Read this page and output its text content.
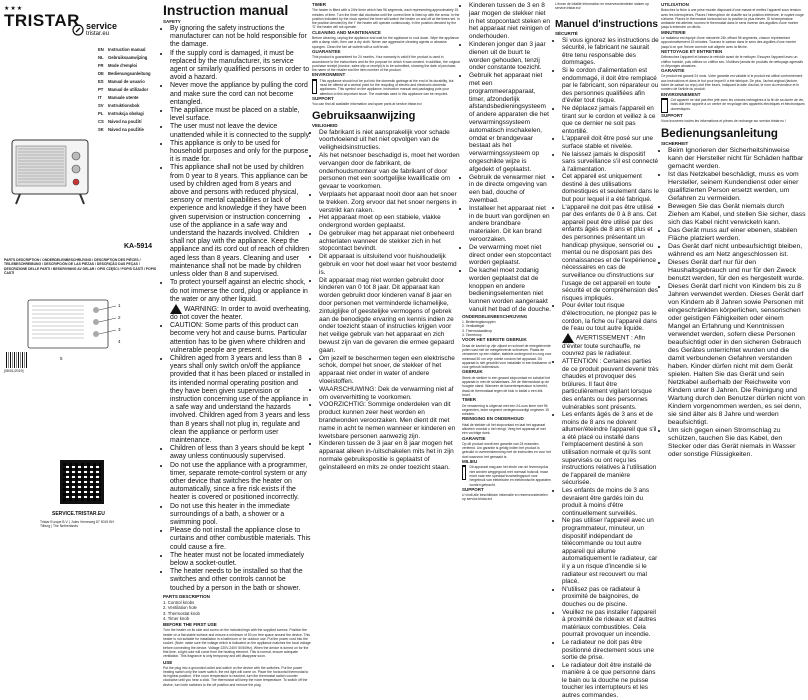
★★★
TRISTAR service
tristar.eu
EN Instruction manual
NL Gebruiksaanwijzing
FR Mode d'emploi
DE Bedienungsanleitung
ES Manual de usuario
PT Manual de utilizador
IT Manuale utente
SV Instruktionsbok
PL Instrukcja obsługi
CS Návod na použití
SK Návod na použitie
KA-5914
PARTS DESCRIPTION / ONDERDELENBESCHRIJVING / DESCRIPTION DES PIÈCES / TEILEBESCHREIBUNG / DESCRIPCIÓN DE LAS PIEZAS / DESCRIÇÃO DAS PEÇAS / DESCRIZIONE DELLE PARTI / BESKRIVNING AV DELAR / OPIS CZĘŚCI / POPIS ČÁSTÍ / POPIS ČASTÍ
1
2
3
4
5
[08/01/2019]
SERVICE.TRISTAR.EU
Tristar Europe B.V. | Jules Verneweg 87 5015 BH Tilburg | The Netherlands
Instruction manual
SAFETY
• By ignoring the safety instructions the manufacturer can not be hold responsible for the damage.
• If the supply cord is damaged, it must be replaced by the manufacturer, its service agent or similarly qualified persons in order to avoid a hazard.
• Never move the appliance by pulling the cord and make sure the cord can not become entangled.
• The appliance must be placed on a stable, level surface.
• The user must not leave the device unattended while it is connected to the supply.
• This appliance is only to be used for household purposes and only for the purpose it is made for.
• This appliance shall not be used by children from 0 year to 8 years. This appliance can be used by children aged from 8 years and above and persons with reduced physical, sensory or mental capabilities or lack of experience and knowledge if they have been given supervision or instruction concerning use of the appliance in a safe way and understand the hazards involved. Children shall not play with the appliance. Keep the appliance and its cord out of reach of children aged less than 8 years. Cleaning and user maintenance shall not be made by children unless older than 8 and supervised.
• To protect yourself against an electric shock, do not immerse the cord, plug or appliance in the water or any other liquid.
WARNING: In order to avoid overheating, do not cover the heater.
• CAUTION: Some parts of this product can become very hot and cause burns. Particular attention has to be given where children and vulnerable people are present.
• Children aged from 3 years and less than 8 years shall only switch on/off the appliance provided that it has been placed or installed in its intended normal operating position and they have been given supervision or instruction concerning use of the appliance in a safe way and understand the hazards involved. Children aged from 3 years and less than 8 years shall not plug in, regulate and clean the appliance or perform user maintenance.
• Children of less than 3 years should be kept away unless continuously supervised.
• Do not use the appliance with a programmer, timer, separate remote-control system or any other device that switches the heater on automatically, since a fire risk exists if the heater is covered or positioned incorrectly.
• Do not use this heater in the immediate surroundings of a bath, a shower or a swimming pool.
• Please do not install the appliance close to curtains and other combustible materials. This could cause a fire.
• The heater must not be located immediately below a socket-outlet.
• The heater needs to be installed so that the switches and other controls cannot be touched by a person in the bath or shower.
PARTS DESCRIPTION
1. Control knobs
2. Ventilation hole
3. Thermostat knob
4. Timer knob
BEFORE THE FIRST USE
Turn the heater on its side and screw on the included legs with the supplied screws. Position the heater on a flat stable surface and ensure a minimum of 50 cm free space around the device. This heater is not suitable for installation in a bathroom or for outdoor use. Put the power cord into the socket. (Note: make sure the voltage which is indicated on the appliance matches the local voltage before connecting the device. Voltage 220V-240V 50/60Hz). When the device is turned on for the first time, a light odor will come from the heating element. This is normal, ensure adequate ventilation. This fragrance is only temporary and will disappear soon.
USE
Put the plug into a grounded outlet and switch on the device with the switches. Put the power heating switch only the lower switch, the red light will come on. Place the horizontal thermostat to its highest position. If the room temperature is reached, turn the thermostat switch counter clockwise until you hear a click. The thermostat will keep the room temperature. To switch off the device, turn both switches to the off position and remove the plug.
TIMER
The heater is fitted with a 24hr timer which has 96 segments, each representing approximately 15 minutes of time. Turn the timer dial clockwise until the correct time is lined up with the arrow. In the position indicated by the clock symbol the timer will switch the heater on and off at the times set. In the position denoted by the 'I' the heater will operate continuously. In the position denoted by the 'O' the heater will not operate.
CLEANING AND MAINTENANCE
Before cleaning, unplug the appliance and wait for the appliance to cool down. Wipe the appliance with a damp cloth, then use a dry cloth. Never use aggressive cleaning agents or abrasive sponges. Clean the fan air outlets with a soft brush.
GUARANTEE
This product is guaranteed for 24 months. Your warranty is valid if the product is used in accordance to the instructions and for the purpose for which it was created. In addition, the original purchase receipt (invoice, sales slip or receipt) is to be submitted, showing the date of purchase, the name of the retailer and the item number of the product.
ENVIRONMENT
This appliance should not be put into the domestic garbage at the end of its durability, but must be offered at a central point for the recycling of electric and electronic domestic appliances. This symbol on the appliance, instruction manual and packaging puts your attention to this important issue. The materials used in this appliance can be recycled.
SUPPORT
You can find all available information and spare parts at service.tristar.eu!
Gebruiksaanwijzing
VEILIGHEID
• De fabrikant is niet aansprakelijk voor schade voortvloeiend uit het niet opvolgen van de veiligheidsinstructies.
• Als het netsnoer beschadigd is, moet het worden vervangen door de fabrikant, de onderhoudsmonteur van de fabrikant of door personen met een soortgelijke kwalificatie om gevaar te voorkomen.
• Verplaats het apparaat nooit door aan het snoer te trekken. Zorg ervoor dat het snoer nergens in verstrikt kan raken.
• Het apparaat moet op een stabiele, vlakke ondergrond worden geplaatst.
• De gebruiker mag het apparaat niet onbeheerd achterlaten wanneer de stekker zich in het stopcontact bevindt.
• Dit apparaat is uitsluitend voor huishoudelijk gebruik en voor het doel waar het voor bestemd is.
• Dit apparaat mag niet worden gebruikt door kinderen van 0 tot 8 jaar. Dit apparaat kan worden gebruikt door kinderen vanaf 8 jaar en door personen met verminderde lichamelijke, zintuiglijke of geestelijke vermogens of gebrek aan de benodigde ervaring en kennis indien ze onder toezicht staan of instructies krijgen voor het veilige gebruik van het apparaat en zich bewust zijn van de gevaren die ermee gepaard gaan.
• Om jezelf te beschermen tegen een elektrische schok, dompel het snoer, de stekker of het apparaat niet onder in water of andere vloeistoffen.
• WAARSCHUWING: Dek de verwarming niet af om oververhitting te voorkomen.
• VOORZICHTIG: Sommige onderdelen van dit product kunnen zeer heet worden en brandwonden veroorzaken. Men dient dit met name in acht te nemen wanneer er kinderen en kwetsbare personen aanwezig zijn.
• Kinderen tussen de 3 jaar en 8 jaar mogen het apparaat alleen in-/uitschakelen mits het in zijn normale gebruikspositie is geplaatst of geïnstalleerd en mits ze onder toezicht staan.
• Kinderen tussen de 3 en 8 jaar mogen de stekker niet in het stopcontact steken en het apparaat niet reinigen of onderhouden.
• Kinderen jonger dan 3 jaar dienen uit de buurt te worden gehouden, tenzij onder constante toezicht.
• Gebruik het apparaat niet met een programmeerapparaat, timer, afzonderlijk afstandsbedieningsysteem of andere apparaten die het verwarmingssysteem automatisch inschakelen, omdat er brandgevaar bestaat als het verwarmingssysteem op ongeschikte wijze is afgedekt of geplaatst.
• Gebruik de verwarmer niet in de directe omgeving van een bad, douche of zwembad.
• Installeer het apparaat niet in de buurt van gordijnen en andere brandbare materialen. Dit kan brand veroorzaken.
• De verwarming moet niet direct onder een stopcontact worden geplaatst.
• De kachel moet zodanig worden geplaatst dat de knoppen en andere bedieningselementen niet kunnen worden aangeraakt vanuit het bad of de douche.
ONDERDELENBESCHRIJVING
1. Bedieningsknoppen
2. Ventilatiegat
3. Thermostaatknop
4. Timerknop
VOOR HET EERSTE GEBRUIK
Draai de kachel op zijn zijkant en schroef de meegeleverde poten vast met de meegeleverde schroeven. Plaats de verwarmer op een vlakke, stabiele ondergrond en zorg voor minimaal 50 cm vrije ruimte rondom het apparaat. Dit apparaat is niet geschikt voor installatie in een badkamer of voor gebruik buitenshuis.
GEBRUIK
Steek de stekker in een geaard stopcontact en schakel het apparaat in met de schakelaars. Zet de thermostaat op de hoogste stand. Wanneer de kamertemperatuur is bereikt, draai de thermostaat tegen de klok in totdat u een klik hoort.
TIMER
De verwarming is uitgerust met een 24-uurs timer met 96 segmenten, ieder segment vertegenwoordigt ongeveer 15 minuten.
REINIGING EN ONDERHOUD
Haal de stekker uit het stopcontact en laat het apparaat afkoelen voordat u het reinigt. Veeg het apparaat af met een vochtige doek.
GARANTIE
Op dit product wordt een garantie van 24 maanden verleend. Uw garantie is geldig indien het product is gebruikt in overeenstemming met de instructies en voor het doel waarvoor het gemaakt is.
MILIEU
Dit apparaat mag aan het einde van de levenscyclus niet worden weggegooid met normaal huisvuil, maar moet naar een speciaal inzamelingspunt voor hergebruik van elektrische en elektronische apparaten worden gebracht.
SUPPORT
U vindt alle beschikbare informatie en reserveonderdelen op service.tristar.eu!
L'écran de totalité information en reserveonderdelen staken op service.tristar.eu!
Manuel d'instructions
SÉCURITÉ
• Si vous ignorez les instructions de sécurité, le fabricant ne saurait être tenu responsable des dommages.
• Si le cordon d'alimentation est endommagé, il doit être remplacé par le fabricant, son réparateur ou des personnes qualifiées afin d'éviter tout risque.
• Ne déplacez jamais l'appareil en tirant sur le cordon et veillez à ce que ce dernier ne soit pas entortillé.
• L'appareil doit être posé sur une surface stable et nivelée.
• Ne laissez jamais le dispositif sans surveillance s'il est connecté à l'alimentation.
• Cet appareil est uniquement destiné à des utilisations domestiques et seulement dans le but pour lequel il a été fabriqué.
• L'appareil ne doit pas être utilisé par des enfants de 0 à 8 ans. Cet appareil peut être utilisé par des enfants âgés de 8 ans et plus et des personnes présentant un handicap physique, sensoriel ou mental ou ne disposant pas des connaissances et de l'expérience nécessaires en cas de surveillance ou d'instructions sur l'usage de cet appareil en toute sécurité et de compréhension des risques impliqués.
• Pour éviter tout risque d'électrocution, ne plongez pas le cordon, la fiche ou l'appareil dans de l'eau ou tout autre liquide.
AVERTISSEMENT : Afin d'éviter toute surchauffe, ne couvrez pas le radiateur.
• ATTENTION : Certaines parties de ce produit peuvent devenir très chaudes et provoquer des brûlures. Il faut être particulièrement vigilant lorsque des enfants ou des personnes vulnérables sont présents.
• Les enfants âgés de 3 ans et de moins de 8 ans ne doivent allumer/éteindre l'appareil que s'il a été placé ou installé dans l'emplacement destiné à son utilisation normale et qu'ils sont supervisés ou ont reçu les instructions relatives à l'utilisation de l'appareil de manière sécurisée.
• Les enfants de moins de 3 ans devraient être gardés loin du produit à moins d'être continuellement surveillés.
• Ne pas utiliser l'appareil avec un programmateur, minuteur, un dispositif indépendant de télécommande ou tout autre appareil qui allume automatiquement le radiateur, car il y a un risque d'incendie si le radiateur est recouvert ou mal placé.
• N'utilisez pas ce radiateur à proximité de baignoires, de douches ou de piscine.
• Veuillez ne pas installer l'appareil à proximité de rideaux et d'autres matériaux combustibles. Cela pourrait provoquer un incendie.
• Le radiateur ne doit pas être positionné directement sous une sortie de prise.
• Le radiateur doit être installé de manière à ce que personne dans le bain ou la douche ne puisse toucher les interrupteurs et les autres commandes.
UTILISATION
Branchez la fiche à une prise murale disposant d'une masse et mettez l'appareil sous tension avec les interrupteurs. Placez l'interrupteur de chauffe sur la position inférieure, le voyant rouge s'allume. Placez le thermostat horizontal sur la position la plus élevée. Si la température ambiante est atteinte, tournez le thermostat dans le sens inverse des aiguilles d'une montre jusqu'à entendre un déclic.
MINUTERIE
Le radiateur est équipé d'une minuterie 24h offrant 96 segments, chacun représentant approximativement 15 minutes. Tournez le cadran dans le sens des aiguilles d'une montre jusqu'à ce que l'heure correcte soit alignée avec la flèche.
NETTOYAGE ET ENTRETIEN
Débranchez l'appareil et laissez-le refroidir avant de le nettoyer. Essuyez l'appareil avec un chiffon humide, puis utilisez un chiffon sec. N'utilisez jamais de produits de nettoyage agressifs ni d'éponges abrasives.
GARANTIE
Ce produit est garanti 24 mois. Votre garantie est valable si le produit est utilisé conformément aux instructions et dans le but pour lequel il a été fabriqué. De plus, l'achat original (facture, ticket de caisse ou reçu) doit être fourni, indiquant la date d'achat, le nom du revendeur et le numéro de l'article du produit.
ENVIRONNEMENT
Cet appareil ne doit pas être jeté avec les ordures ménagères à la fin de sa durée de vie, mais doit être apporté à un centre de recyclage des appareils électriques et électroniques domestiques.
SUPPORT
Vous trouverez toutes les informations et pièces de rechange sur service.tristar.eu !
Bedienungsanleitung
SICHERHEIT
• Beim Ignorieren der Sicherheitshinweise kann der Hersteller nicht für Schäden haftbar gemacht werden.
• Ist das Netzkabel beschädigt, muss es vom Hersteller, seinem Kundendienst oder einer qualifizierten Person ersetzt werden, um Gefahren zu vermeiden.
• Bewegen Sie das Gerät niemals durch Ziehen am Kabel, und stellen Sie sicher, dass sich das Kabel nicht verwickeln kann.
• Das Gerät muss auf einer ebenen, stabilen Fläche platziert werden.
• Das Gerät darf nicht unbeaufsichtigt bleiben, während es am Netz angeschlossen ist.
• Dieses Gerät darf nur für den Haushaltsgebrauch und nur für den Zweck benutzt werden, für den es hergestellt wurde.
• Dieses Gerät darf nicht von Kindern bis zu 8 Jahren verwendet werden. Dieses Gerät darf von Kindern ab 8 Jahren sowie Personen mit eingeschränkten körperlichen, sensorischen oder geistigen Fähigkeiten oder einem Mangel an Erfahrung und Kenntnissen verwendet werden, sofern diese Personen beaufsichtigt oder in den sicheren Gebrauch des Gerätes unterrichtet wurden und die damit verbundenen Gefahren verstanden haben. Kinder dürfen nicht mit dem Gerät spielen. Halten Sie das Gerät und sein Netzkabel außerhalb der Reichweite von Kindern unter 8 Jahren. Die Reinigung und Wartung durch den Benutzer dürfen nicht von Kindern vorgenommen werden, es sei denn, sie sind älter als 8 Jahre und werden beaufsichtigt.
• Um sich gegen einen Stromschlag zu schützen, tauchen Sie das Kabel, den Stecker oder das Gerät niemals in Wasser oder sonstige Flüssigkeiten.
